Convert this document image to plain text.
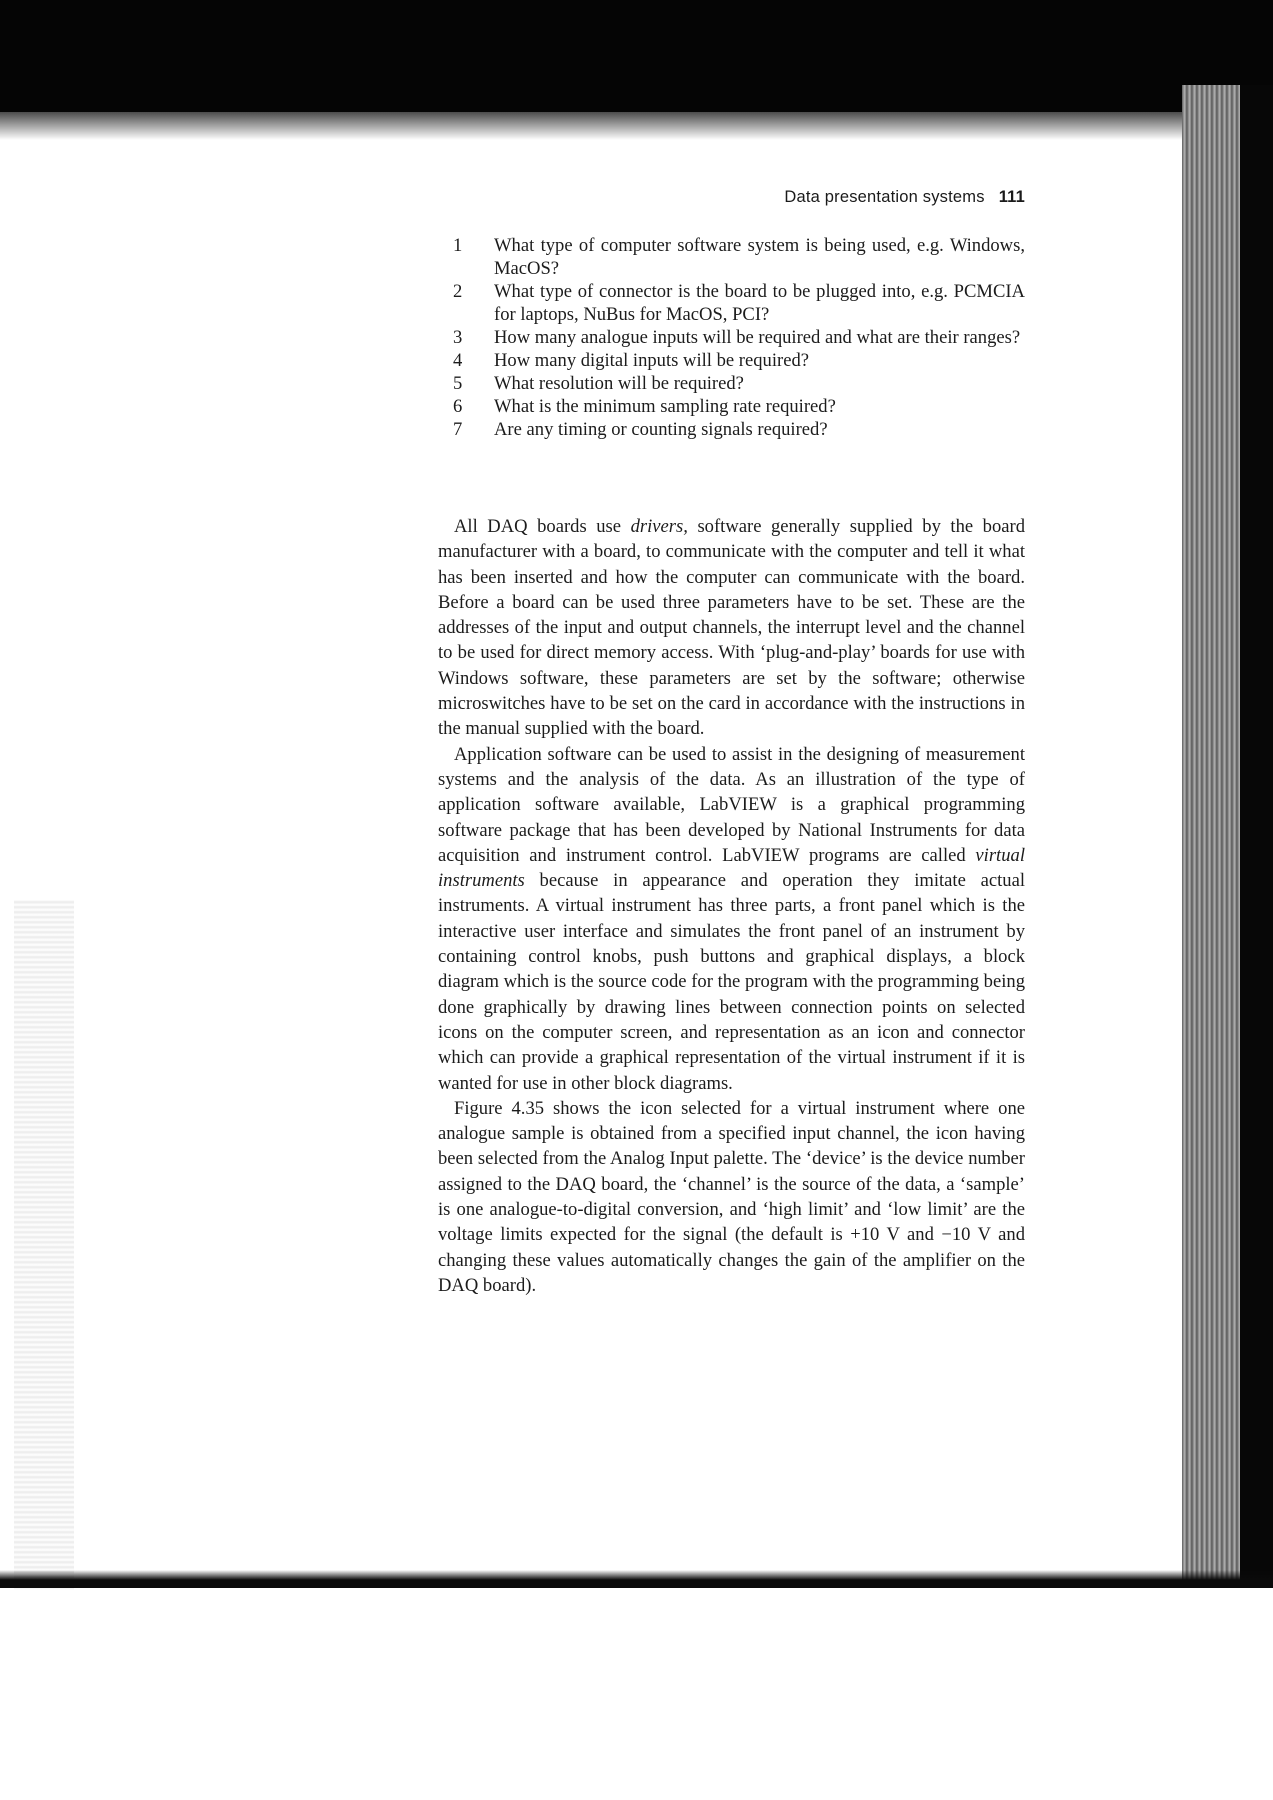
Data presentation systems 111
1 What type of computer software system is being used, e.g. Windows, MacOS?
2 What type of connector is the board to be plugged into, e.g. PCMCIA for laptops, NuBus for MacOS, PCI?
3 How many analogue inputs will be required and what are their ranges?
4 How many digital inputs will be required?
5 What resolution will be required?
6 What is the minimum sampling rate required?
7 Are any timing or counting signals required?

All DAQ boards use drivers, software generally supplied by the board manufacturer with a board, to communicate with the computer and tell it what has been inserted and how the computer can communicate with the board. Before a board can be used three parameters have to be set. These are the addresses of the input and output channels, the interrupt level and the channel to be used for direct memory access. With ‘plug-and-play’ boards for use with Windows software, these parameters are set by the software; otherwise microswitches have to be set on the card in accordance with the instructions in the manual supplied with the board.

Application software can be used to assist in the designing of measurement systems and the analysis of the data. As an illustration of the type of application software available, LabVIEW is a graphical programming software package that has been developed by National Instruments for data acquisition and instrument control. LabVIEW programs are called virtual instruments because in appearance and operation they imitate actual instruments. A virtual instrument has three parts, a front panel which is the interactive user interface and simulates the front panel of an instrument by containing control knobs, push buttons and graphical displays, a block diagram which is the source code for the program with the programming being done graphically by drawing lines between connection points on selected icons on the computer screen, and representation as an icon and connector which can provide a graphical representation of the virtual instrument if it is wanted for use in other block diagrams.

Figure 4.35 shows the icon selected for a virtual instrument where one analogue sample is obtained from a specified input channel, the icon having been selected from the Analog Input palette. The ‘device’ is the device number assigned to the DAQ board, the ‘channel’ is the source of the data, a ‘sample’ is one analogue-to-digital conversion, and ‘high limit’ and ‘low limit’ are the voltage limits expected for the signal (the default is +10 V and −10 V and changing these values automatically changes the gain of the amplifier on the DAQ board).
